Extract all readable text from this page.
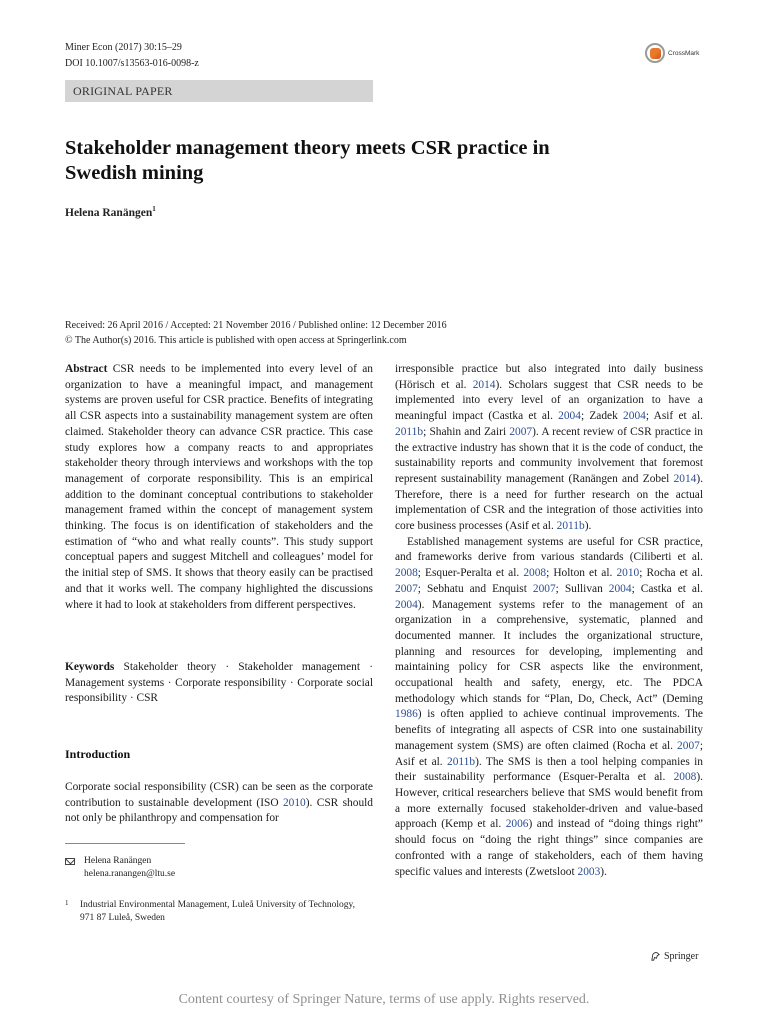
Miner Econ (2017) 30:15–29
DOI 10.1007/s13563-016-0098-z
CrossMark
ORIGINAL PAPER
Stakeholder management theory meets CSR practice in Swedish mining
Helena Ranängen$^1$
Received: 26 April 2016 / Accepted: 21 November 2016 / Published online: 12 December 2016
© The Author(s) 2016. This article is published with open access at Springerlink.com
Abstract CSR needs to be implemented into every level of an organization to have a meaningful impact, and management systems are proven useful for CSR practice. Benefits of integrating all CSR aspects into a sustainability management system are often claimed. Stakeholder theory can advance CSR practice. This case study explores how a company reacts to and appropriates stakeholder theory through interviews and workshops with the top management of corporate responsibility. This is an empirical addition to the dominant conceptual contributions to stakeholder management framed within the concept of management system thinking. The focus is on identification of stakeholders and the estimation of “who and what really counts”. This study support conceptual papers and suggest Mitchell and colleagues’ model for the initial step of SMS. It shows that theory easily can be practised and that it works well. The company highlighted the discussions where it had to look at stakeholders from different perspectives.
Keywords Stakeholder theory · Stakeholder management · Management systems · Corporate responsibility · Corporate social responsibility · CSR
Introduction
Corporate social responsibility (CSR) can be seen as the corporate contribution to sustainable development (ISO 2010). CSR should not only be philanthropy and compensation for
irresponsible practice but also integrated into daily business (Hörisch et al. 2014). Scholars suggest that CSR needs to be implemented into every level of an organization to have a meaningful impact (Castka et al. 2004; Zadek 2004; Asif et al. 2011b; Shahin and Zairi 2007). A recent review of CSR practice in the extractive industry has shown that it is the code of conduct, the sustainability reports and community involvement that foremost represent sustainability management (Ranängen and Zobel 2014). Therefore, there is a need for further research on the actual implementation of CSR and the integration of those activities into core business processes (Asif et al. 2011b).
Established management systems are useful for CSR practice, and frameworks derive from various standards (Ciliberti et al. 2008; Esquer-Peralta et al. 2008; Holton et al. 2010; Rocha et al. 2007; Sebhatu and Enquist 2007; Sullivan 2004; Castka et al. 2004). Management systems refer to the management of an organization in a comprehensive, systematic, planned and documented manner. It includes the organizational structure, planning and resources for developing, implementing and maintaining policy for CSR aspects like the environment, occupational health and safety, energy, etc. The PDCA methodology which stands for “Plan, Do, Check, Act” (Deming 1986) is often applied to achieve continual improvements. The benefits of integrating all aspects of CSR into one sustainability management system (SMS) are often claimed (Rocha et al. 2007; Asif et al. 2011b). The SMS is then a tool helping companies in their sustainability performance (Esquer-Peralta et al. 2008). However, critical researchers believe that SMS would benefit from a more externally focused stakeholder-driven and value-based approach (Kemp et al. 2006) and instead of “doing things right” should focus on “doing the right things” since companies are confronted with a range of stakeholders, each of them having specific values and interests (Zwetsloot 2003).
Helena Ranängen
helena.ranangen@ltu.se
1	Industrial Environmental Management, Luleå University of Technology, 971 87 Luleå, Sweden
Springer
Content courtesy of Springer Nature, terms of use apply. Rights reserved.
